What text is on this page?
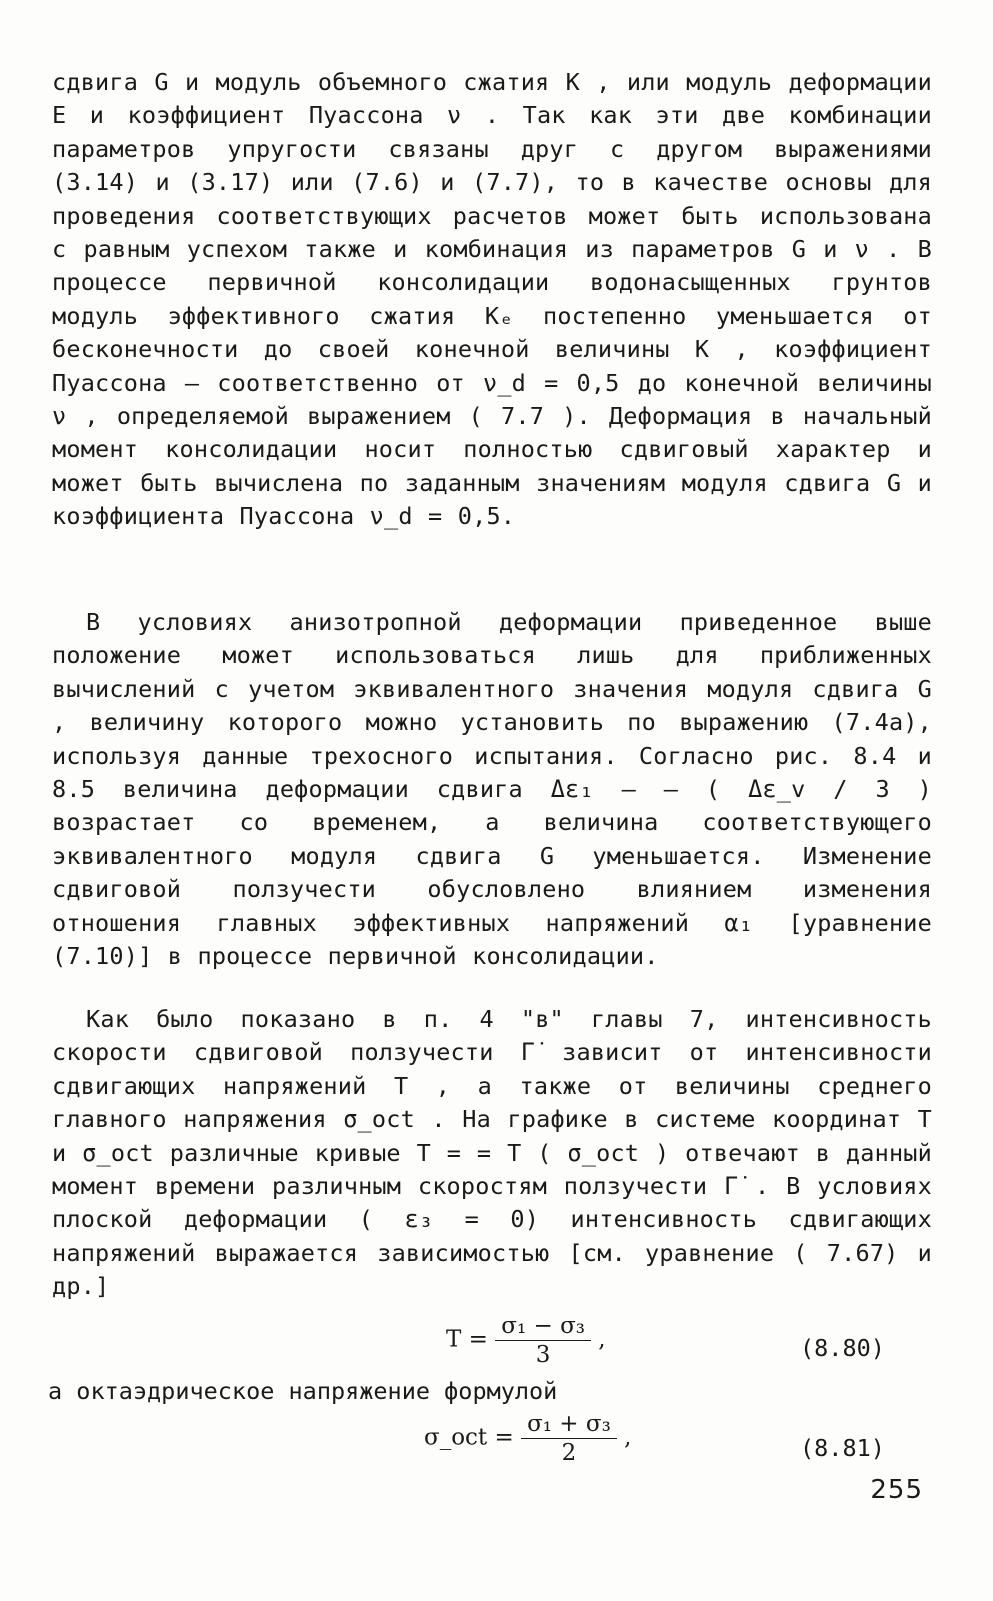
сдвига G и модуль объемного сжатия K , или модуль деформации E и коэффициент Пуассона ν . Так как эти две комбинации параметров упругости связаны друг с другом выражениями (3.14) и (3.17) или (7.6) и (7.7), то в качестве основы для проведения соответствующих расчетов может быть использована с равным успехом также и комбинация из параметров G и ν . В процессе первичной консолидации водонасыщенных грунтов модуль эффективного сжатия Kₑ постепенно уменьшается от бесконечности до своей конечной величины K , коэффициент Пуассона – соответственно от ν_d = 0,5 до конечной величины ν , определяемой выражением ( 7.7 ). Деформация в начальный момент консолидации носит полностью сдвиговый характер и может быть вычислена по заданным значениям модуля сдвига G и коэффициента Пуассона ν_d = 0,5.
В условиях анизотропной деформации приведенное выше положение может использоваться лишь для приближенных вычислений с учетом эквивалентного значения модуля сдвига G , величину которого можно установить по выражению (7.4а), используя данные трехосного испытания. Согласно рис. 8.4 и 8.5 величина деформации сдвига Δε₁ – – ( Δε_v / 3 ) возрастает со временем, а величина соответствующего эквивалентного модуля сдвига G уменьшается. Изменение сдвиговой ползучести обусловлено влиянием изменения отношения главных эффективных напряжений α₁ [уравнение (7.10)] в процессе первичной консолидации.
Как было показано в п. 4 "в" главы 7, интенсивность скорости сдвиговой ползучести Γ̇ зависит от интенсивности сдвигающих напряжений T , а также от величины среднего главного напряжения σ_oct . На графике в системе координат T и σ_oct различные кривые T = = T ( σ_oct ) отвечают в данный момент времени различным скоростям ползучести Γ̇ . В условиях плоской деформации ( ε₃ = 0) интенсивность сдвигающих напряжений выражается зависимостью [см. уравнение ( 7.67) и др.]
$T = \frac{\text{σ₁ − σ₃}}{3}$ ,	(8.80)
а октаэдрическое напряжение формулой
σ_oct = $\frac{\text{σ₁ + σ₃}}{2}$ ,	(8.81)
255
